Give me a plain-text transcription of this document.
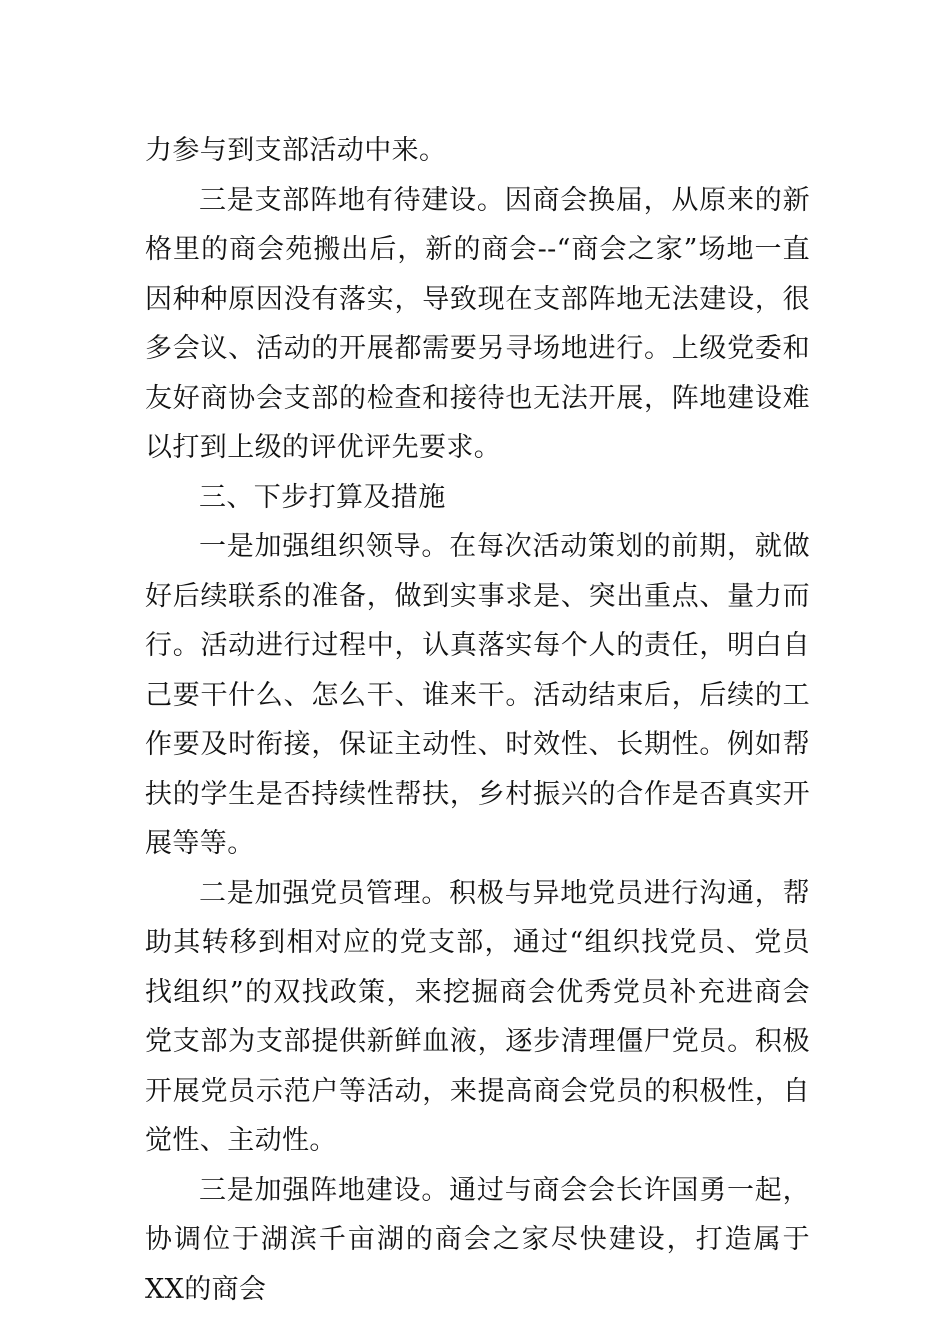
力参与到支部活动中来。

三是支部阵地有待建设。因商会换届，从原来的新格里的商会苑搬出后，新的商会--“商会之家”场地一直因种种原因没有落实，导致现在支部阵地无法建设，很多会议、活动的开展都需要另寻场地进行。上级党委和友好商协会支部的检查和接待也无法开展，阵地建设难以打到上级的评优评先要求。

三、下步打算及措施

一是加强组织领导。在每次活动策划的前期，就做好后续联系的准备，做到实事求是、突出重点、量力而行。活动进行过程中，认真落实每个人的责任，明白自己要干什么、怎么干、谁来干。活动结束后，后续的工作要及时衔接，保证主动性、时效性、长期性。例如帮扶的学生是否持续性帮扶，乡村振兴的合作是否真实开展等等。

二是加强党员管理。积极与异地党员进行沟通，帮助其转移到相对应的党支部，通过“组织找党员、党员找组织”的双找政策，来挖掘商会优秀党员补充进商会党支部为支部提供新鲜血液，逐步清理僵尸党员。积极开展党员示范户等活动，来提高商会党员的积极性，自觉性、主动性。

三是加强阵地建设。通过与商会会长许国勇一起，协调位于湖滨千亩湖的商会之家尽快建设，打造属于XX的商会
